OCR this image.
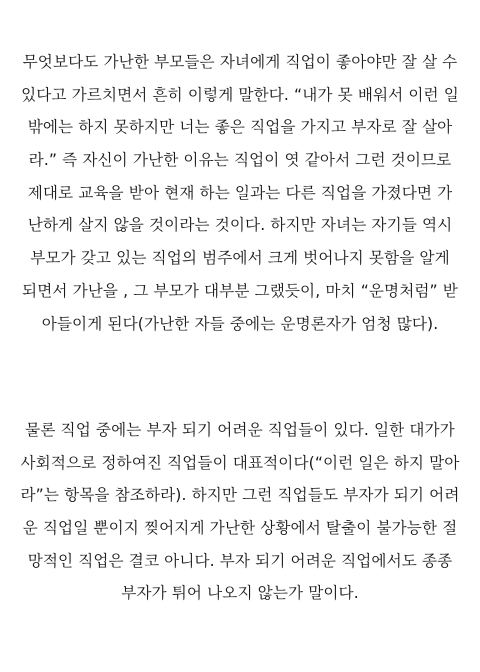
무엇보다도 가난한 부모들은 자녀에게 직업이 좋아야만 잘 살 수
있다고 가르치면서 흔히 이렇게 말한다. “내가 못 배워서 이런 일
밖에는 하지 못하지만 너는 좋은 직업을 가지고 부자로 잘 살아
라.” 즉 자신이 가난한 이유는 직업이 엿 같아서 그런 것이므로
제대로 교육을 받아 현재 하는 일과는 다른 직업을 가졌다면 가
난하게 살지 않을 것이라는 것이다. 하지만 자녀는 자기들 역시
부모가 갖고 있는 직업의 범주에서 크게 벗어나지 못함을 알게
되면서 가난을 , 그 부모가 대부분 그랬듯이, 마치 “운명처럼” 받
아들이게 된다(가난한 자들 중에는 운명론자가 엄청 많다).
물론 직업 중에는 부자 되기 어려운 직업들이 있다. 일한 대가가
사회적으로 정하여진 직업들이 대표적이다(“이런 일은 하지 말아
라”는 항목을 참조하라). 하지만 그런 직업들도 부자가 되기 어려
운 직업일 뿐이지 찢어지게 가난한 상황에서 탈출이 불가능한 절
망적인 직업은 결코 아니다. 부자 되기 어려운 직업에서도 종종
부자가 튀어 나오지 않는가 말이다.
